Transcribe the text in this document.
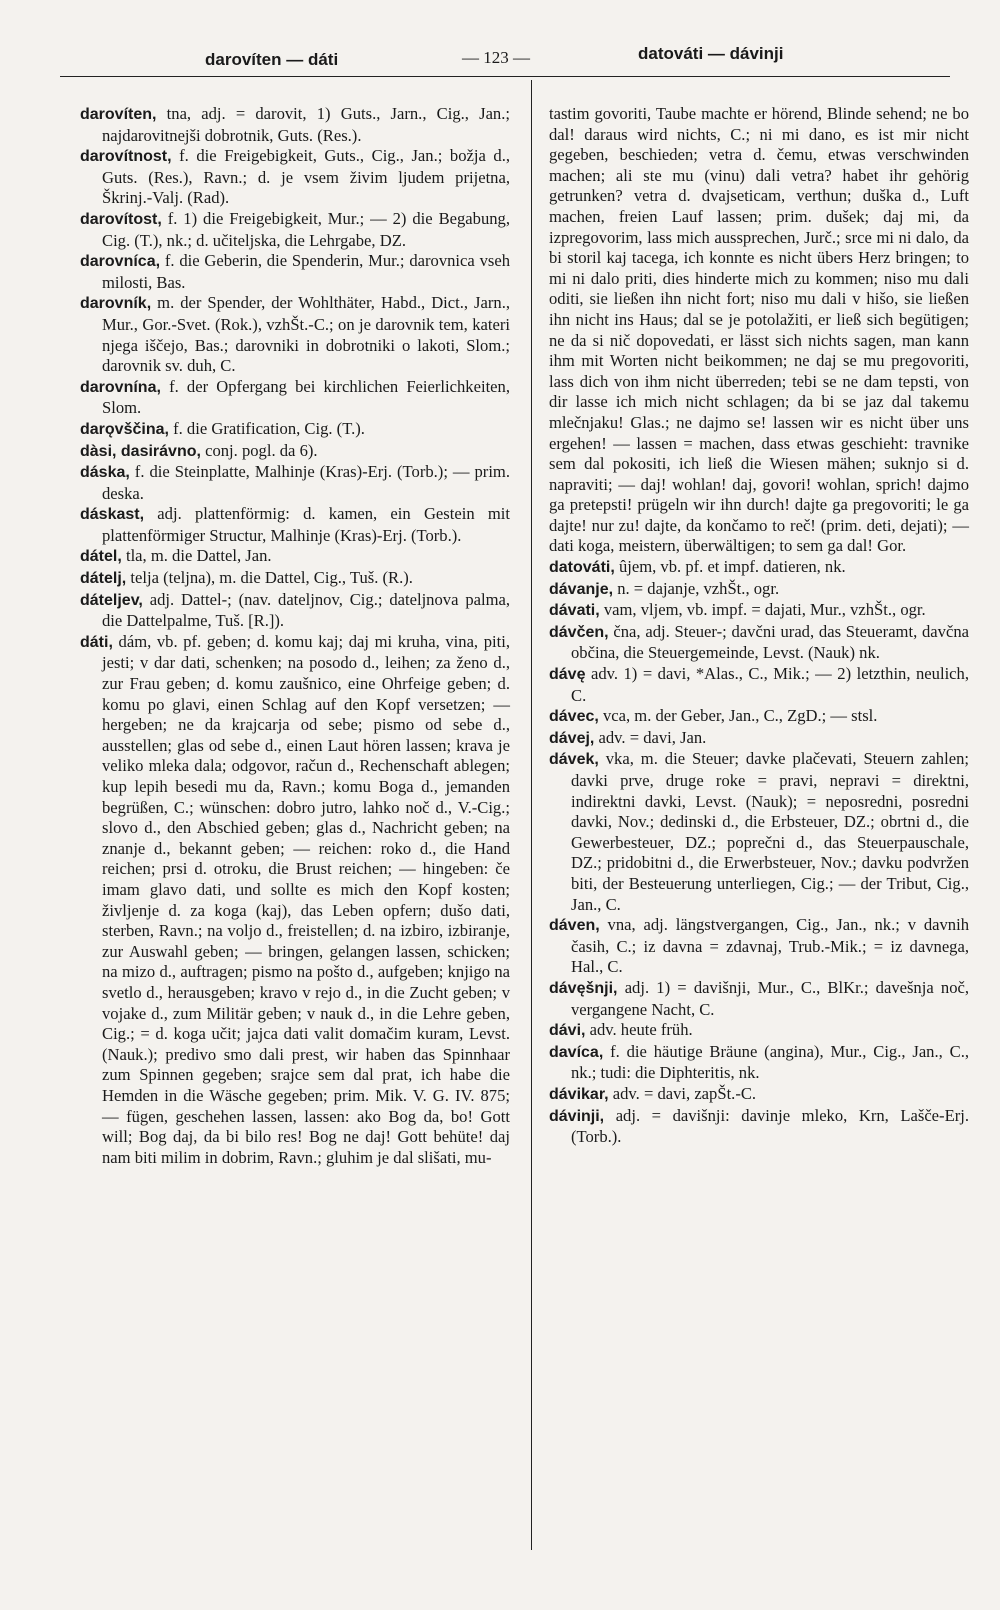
darovíten — dáti	— 123 —	datováti — dávinji

darovíten, tna, adj. = darovit, 1) Guts., Jarn., Cig., Jan.; najdarovitnejši dobrotnik, Guts. (Res.).

darovítnost, f. die Freigebigkeit, Guts., Cig., Jan.; božja d., Guts. (Res.), Ravn.; d. je vsem živim ljudem prijetna, Škrinj.-Valj. (Rad).

darovítost, f. 1) die Freigebigkeit, Mur.; — 2) die Begabung, Cig. (T.), nk.; d. učiteljska, die Lehrgabe, DZ.

darovníca, f. die Geberin, die Spenderin, Mur.; darovnica vseh milosti, Bas.

darovník, m. der Spender, der Wohlthäter, Habd., Dict., Jarn., Mur., Gor.-Svet. (Rok.), vzhŠt.-C.; on je darovnik tem, kateri njega iščejo, Bas.; darovniki in dobrotniki o lakoti, Slom.; darovnik sv. duh, C.

darovnína, f. der Opfergang bei kirchlichen Feierlichkeiten, Slom.

darǫvščina, f. die Gratification, Cig. (T.).

dàsi, dasirávno, conj. pogl. da 6).

dáska, f. die Steinplatte, Malhinje (Kras)-Erj. (Torb.); — prim. deska.

dáskast, adj. plattenförmig: d. kamen, ein Gestein mit plattenförmiger Structur, Malhinje (Kras)-Erj. (Torb.).

dátel, tla, m. die Dattel, Jan.

dátelj, telja (teljna), m. die Dattel, Cig., Tuš. (R.).

dáteljev, adj. Dattel-; (nav. dateljnov, Cig.; dateljnova palma, die Dattelpalme, Tuš. [R.]).

dáti, dám, vb. pf. geben; d. komu kaj; daj mi kruha, vina, piti, jesti; v dar dati, schenken; na posodo d., leihen; za ženo d., zur Frau geben; d. komu zaušnico, eine Ohrfeige geben; d. komu po glavi, einen Schlag auf den Kopf versetzen; — hergeben; ne da krajcarja od sebe; pismo od sebe d., ausstellen; glas od sebe d., einen Laut hören lassen; krava je veliko mleka dala; odgovor, račun d., Rechenschaft ablegen; kup lepih besedi mu da, Ravn.; komu Boga d., jemanden begrüßen, C.; wünschen: dobro jutro, lahko noč d., V.-Cig.; slovo d., den Abschied geben; glas d., Nachricht geben; na znanje d., bekannt geben; — reichen: roko d., die Hand reichen; prsi d. otroku, die Brust reichen; — hingeben: če imam glavo dati, und sollte es mich den Kopf kosten; življenje d. za koga (kaj), das Leben opfern; dušo dati, sterben, Ravn.; na voljo d., freistellen; d. na izbiro, izbiranje, zur Auswahl geben; — bringen, gelangen lassen, schicken; na mizo d., auftragen; pismo na pošto d., aufgeben; knjigo na svetlo d., herausgeben; kravo v rejo d., in die Zucht geben; v vojake d., zum Militär geben; v nauk d., in die Lehre geben, Cig.; = d. koga učit; jajca dati valit domačim kuram, Levst. (Nauk.); predivo smo dali prest, wir haben das Spinnhaar zum Spinnen gegeben; srajce sem dal prat, ich habe die Hemden in die Wäsche gegeben; prim. Mik. V. G. IV. 875; — fügen, geschehen lassen, lassen: ako Bog da, bo! Gott will; Bog daj, da bi bilo res! Bog ne daj! Gott behüte! daj nam biti milim in dobrim, Ravn.; gluhim je dal slišati, mu-

tastim govoriti, Taube machte er hörend, Blinde sehend; ne bo dal! daraus wird nichts, C.; ni mi dano, es ist mir nicht gegeben, beschieden; vetra d. čemu, etwas verschwinden machen; ali ste mu (vinu) dali vetra? habet ihr gehörig getrunken? vetra d. dvajseticam, verthun; duška d., Luft machen, freien Lauf lassen; prim. dušek; daj mi, da izpregovorim, lass mich aussprechen, Jurč.; srce mi ni dalo, da bi storil kaj tacega, ich konnte es nicht übers Herz bringen; to mi ni dalo priti, dies hinderte mich zu kommen; niso mu dali oditi, sie ließen ihn nicht fort; niso mu dali v hišo, sie ließen ihn nicht ins Haus; dal se je potolažiti, er ließ sich begütigen; ne da si nič dopovedati, er lässt sich nichts sagen, man kann ihm mit Worten nicht beikommen; ne daj se mu pregovoriti, lass dich von ihm nicht überreden; tebi se ne dam tepsti, von dir lasse ich mich nicht schlagen; da bi se jaz dal takemu mlečnjaku! Glas.; ne dajmo se! lassen wir es nicht über uns ergehen! — lassen = machen, dass etwas geschieht: travnike sem dal pokositi, ich ließ die Wiesen mähen; suknjo si d. napraviti; — daj! wohlan! daj, govori! wohlan, sprich! dajmo ga pretepsti! prügeln wir ihn durch! dajte ga pregovoriti; le ga dajte! nur zu! dajte, da končamo to reč! (prim. deti, dejati); — dati koga, meistern, überwältigen; to sem ga dal! Gor.

datováti, ûjem, vb. pf. et impf. datieren, nk.

dávanje, n. = dajanje, vzhŠt., ogr.

dávati, vam, vljem, vb. impf. = dajati, Mur., vzhŠt., ogr.

dávčen, čna, adj. Steuer-; davčni urad, das Steueramt, davčna občina, die Steuergemeinde, Levst. (Nauk) nk.

dávę adv. 1) = davi, *Alas., C., Mik.; — 2) letzthin, neulich, C.

dávec, vca, m. der Geber, Jan., C., ZgD.; — stsl.

dávej, adv. = davi, Jan.

dávek, vka, m. die Steuer; davke plačevati, Steuern zahlen; davki prve, druge roke = pravi, nepravi = direktni, indirektni davki, Levst. (Nauk); = neposredni, posredni davki, Nov.; dedinski d., die Erbsteuer, DZ.; obrtni d., die Gewerbesteuer, DZ.; poprečni d., das Steuerpauschale, DZ.; pridobitni d., die Erwerbsteuer, Nov.; davku podvržen biti, der Besteuerung unterliegen, Cig.; — der Tribut, Cig., Jan., C.

dáven, vna, adj. längstvergangen, Cig., Jan., nk.; v davnih časih, C.; iz davna = zdavnaj, Trub.-Mik.; = iz davnega, Hal., C.

dávęšnji, adj. 1) = davišnji, Mur., C., BlKr.; davešnja noč, vergangene Nacht, C.

dávi, adv. heute früh.

davíca, f. die häutige Bräune (angina), Mur., Cig., Jan., C., nk.; tudi: die Diphteritis, nk.

dávikar, adv. = davi, zapŠt.-C.

dávinji, adj. = davišnji: davinje mleko, Krn, Lašče-Erj. (Torb.).
